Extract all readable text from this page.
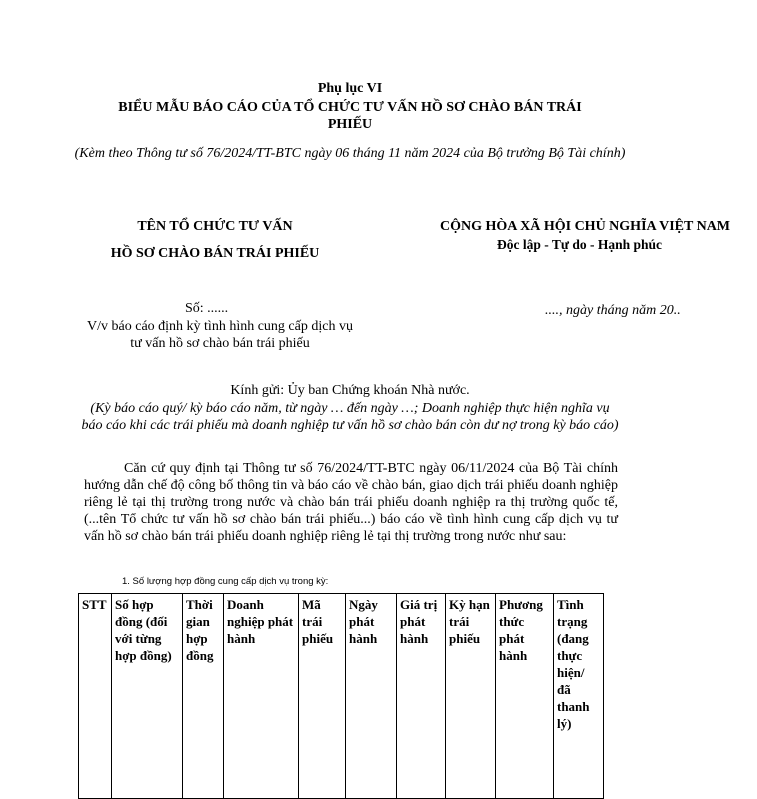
Phụ lục VI
BIỂU MẪU BÁO CÁO CỦA TỔ CHỨC TƯ VẤN HỒ SƠ CHÀO BÁN TRÁI PHIẾU
(Kèm theo Thông tư số 76/2024/TT-BTC ngày 06 tháng 11 năm 2024 của Bộ trưởng Bộ Tài chính)
TÊN TỔ CHỨC TƯ VẤN
HỒ SƠ CHÀO BÁN TRÁI PHIẾU
CỘNG HÒA XÃ HỘI CHỦ NGHĨA VIỆT NAM
Độc lập - Tự do - Hạnh phúc
Số: ......
V/v báo cáo định kỳ tình hình cung cấp dịch vụ tư vấn hồ sơ chào bán trái phiếu
...., ngày tháng năm 20..
Kính gửi: Ủy ban Chứng khoán Nhà nước.
(Kỳ báo cáo quý/ kỳ báo cáo năm, từ ngày … đến ngày …; Doanh nghiệp thực hiện nghĩa vụ báo cáo khi các trái phiếu mà doanh nghiệp tư vấn hồ sơ chào bán còn dư nợ trong kỳ báo cáo)
Căn cứ quy định tại Thông tư số 76/2024/TT-BTC ngày 06/11/2024 của Bộ Tài chính hướng dẫn chế độ công bố thông tin và báo cáo về chào bán, giao dịch trái phiếu doanh nghiệp riêng lẻ tại thị trường trong nước và chào bán trái phiếu doanh nghiệp ra thị trường quốc tế, (...tên Tổ chức tư vấn hồ sơ chào bán trái phiếu...) báo cáo về tình hình cung cấp dịch vụ tư vấn hồ sơ chào bán trái phiếu doanh nghiệp riêng lẻ tại thị trường trong nước như sau:
1. Số lượng hợp đồng cung cấp dịch vụ trong kỳ:
STT	Số hợp đồng (đối với từng hợp đồng)	Thời gian hợp đồng	Doanh nghiệp phát hành	Mã trái phiếu	Ngày phát hành	Giá trị phát hành	Kỳ hạn trái phiếu	Phương thức phát hành	Tình trạng (đang thực hiện/ đã thanh lý)
